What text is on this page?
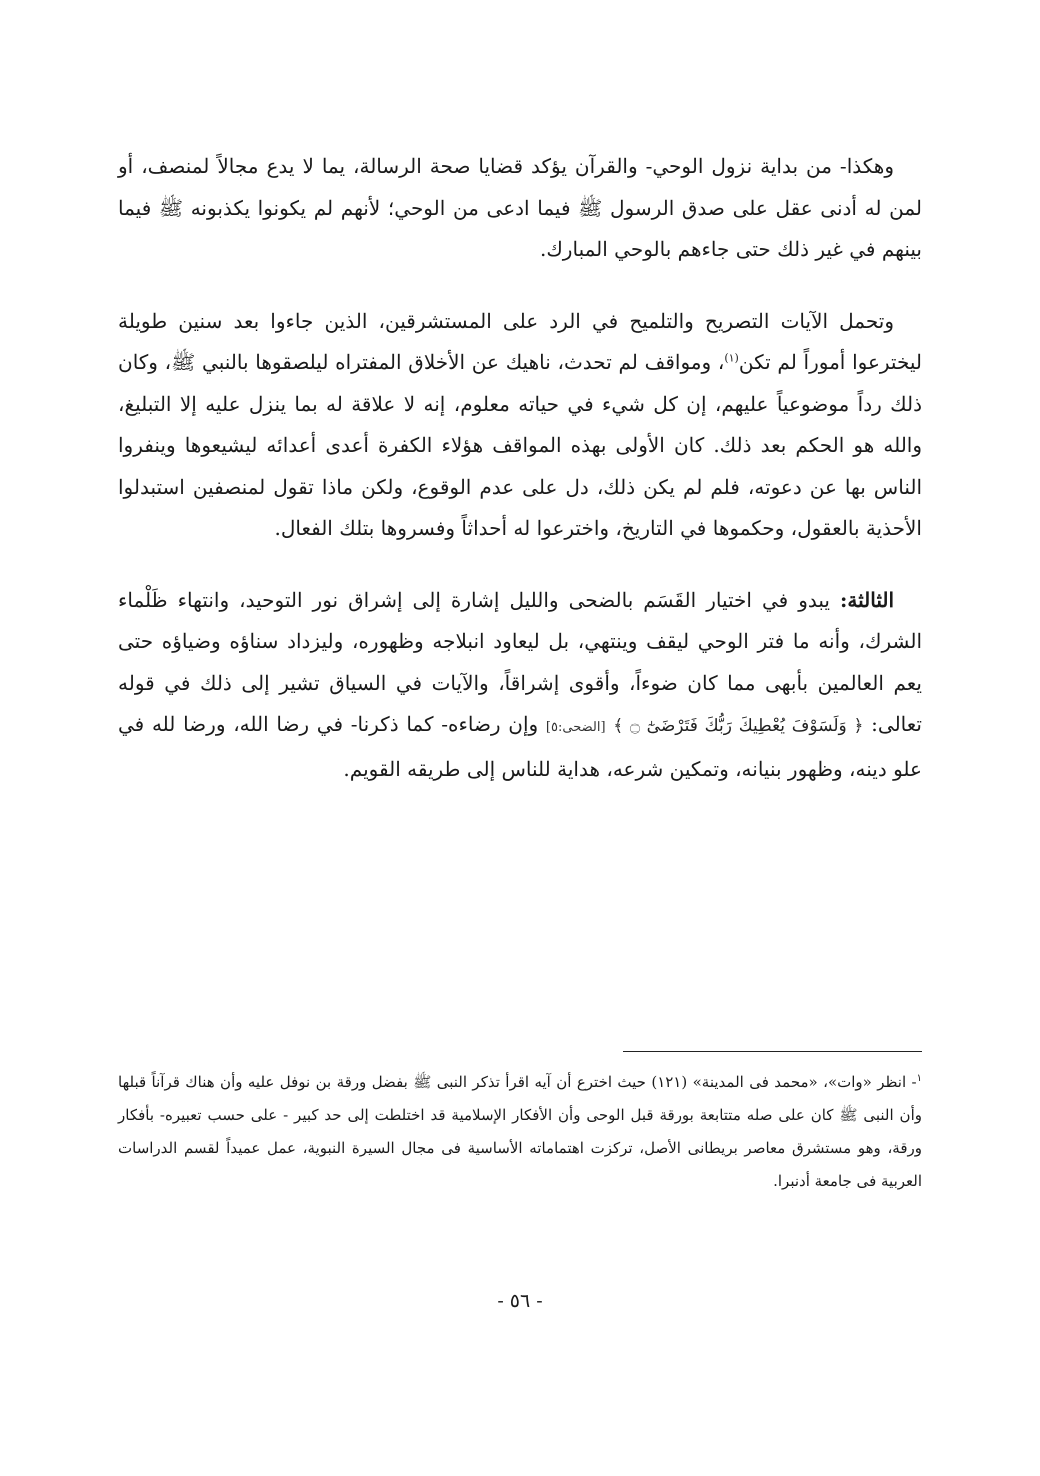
وهكذا- من بداية نزول الوحي- والقرآن يؤكد قضايا صحة الرسالة، يما لا يدع مجالاً لمنصف، أو لمن له أدنى عقل على صدق الرسول ﷺ فيما ادعى من الوحي؛ لأنهم لم يكونوا يكذبونه ﷺ فيما بينهم في غير ذلك حتى جاءهم بالوحي المبارك.

وتحمل الآيات التصريح والتلميح في الرد على المستشرقين، الذين جاءوا بعد سنين طويلة ليخترعوا أموراً لم تكن$^{(١)}$، ومواقف لم تحدث، ناهيك عن الأخلاق المفتراه ليلصقوها بالنبي ﷺ، وكان ذلك رداً موضوعياً عليهم، إن كل شيء في حياته معلوم، إنه لا علاقة له بما ينزل عليه إلا التبليغ، والله هو الحكم بعد ذلك. كان الأولى بهذه المواقف هؤلاء الكفرة أعدى أعدائه ليشيعوها وينفروا الناس بها عن دعوته، فلم لم يكن ذلك، دل على عدم الوقوع، ولكن ماذا تقول لمنصفين استبدلوا الأحذية بالعقول، وحكموها في التاريخ، واخترعوا له أحداثاً وفسروها بتلك الفعال.

الثالثة: يبدو في اختيار القَسَم بالضحى والليل إشارة إلى إشراق نور التوحيد، وانتهاء ظَلْماء الشرك، وأنه ما فتر الوحي ليقف وينتهي، بل ليعاود انبلاجه وظهوره، وليزداد سناؤه وضياؤه حتى يعم العالمين بأبهى مما كان ضوءاً، وأقوى إشراقاً، والآيات في السياق تشير إلى ذلك في قوله تعالى: ﴿ وَلَسَوْفَ يُعْطِيكَ رَبُّكَ فَتَرْضَىٰٓ ۝ ﴾ [الضحى:٥] وإن رضاءه- كما ذكرنا- في رضا الله، ورضا لله في علو دينه، وظهور بنيانه، وتمكين شرعه، هداية للناس إلى طريقه القويم.

$^١$- انظر «وات»، «محمد فى المدينة» (١٢١) حيث اخترع أن آيه اقرأ تذكر النبى ﷺ بفضل ورقة بن نوفل عليه وأن هناك قرآناً قبلها وأن النبى ﷺ كان على صله متتابعة بورقة قبل الوحى وأن الأفكار الإسلامية قد اختلطت إلى حد كبير - على حسب تعبيره- بأفكار ورقة، وهو مستشرق معاصر بريطانى الأصل، تركزت اهتماماته الأساسية فى مجال السيرة النبوية، عمل عميداً لقسم الدراسات العربية فى جامعة أدنبرا.

- ٥٦ -
